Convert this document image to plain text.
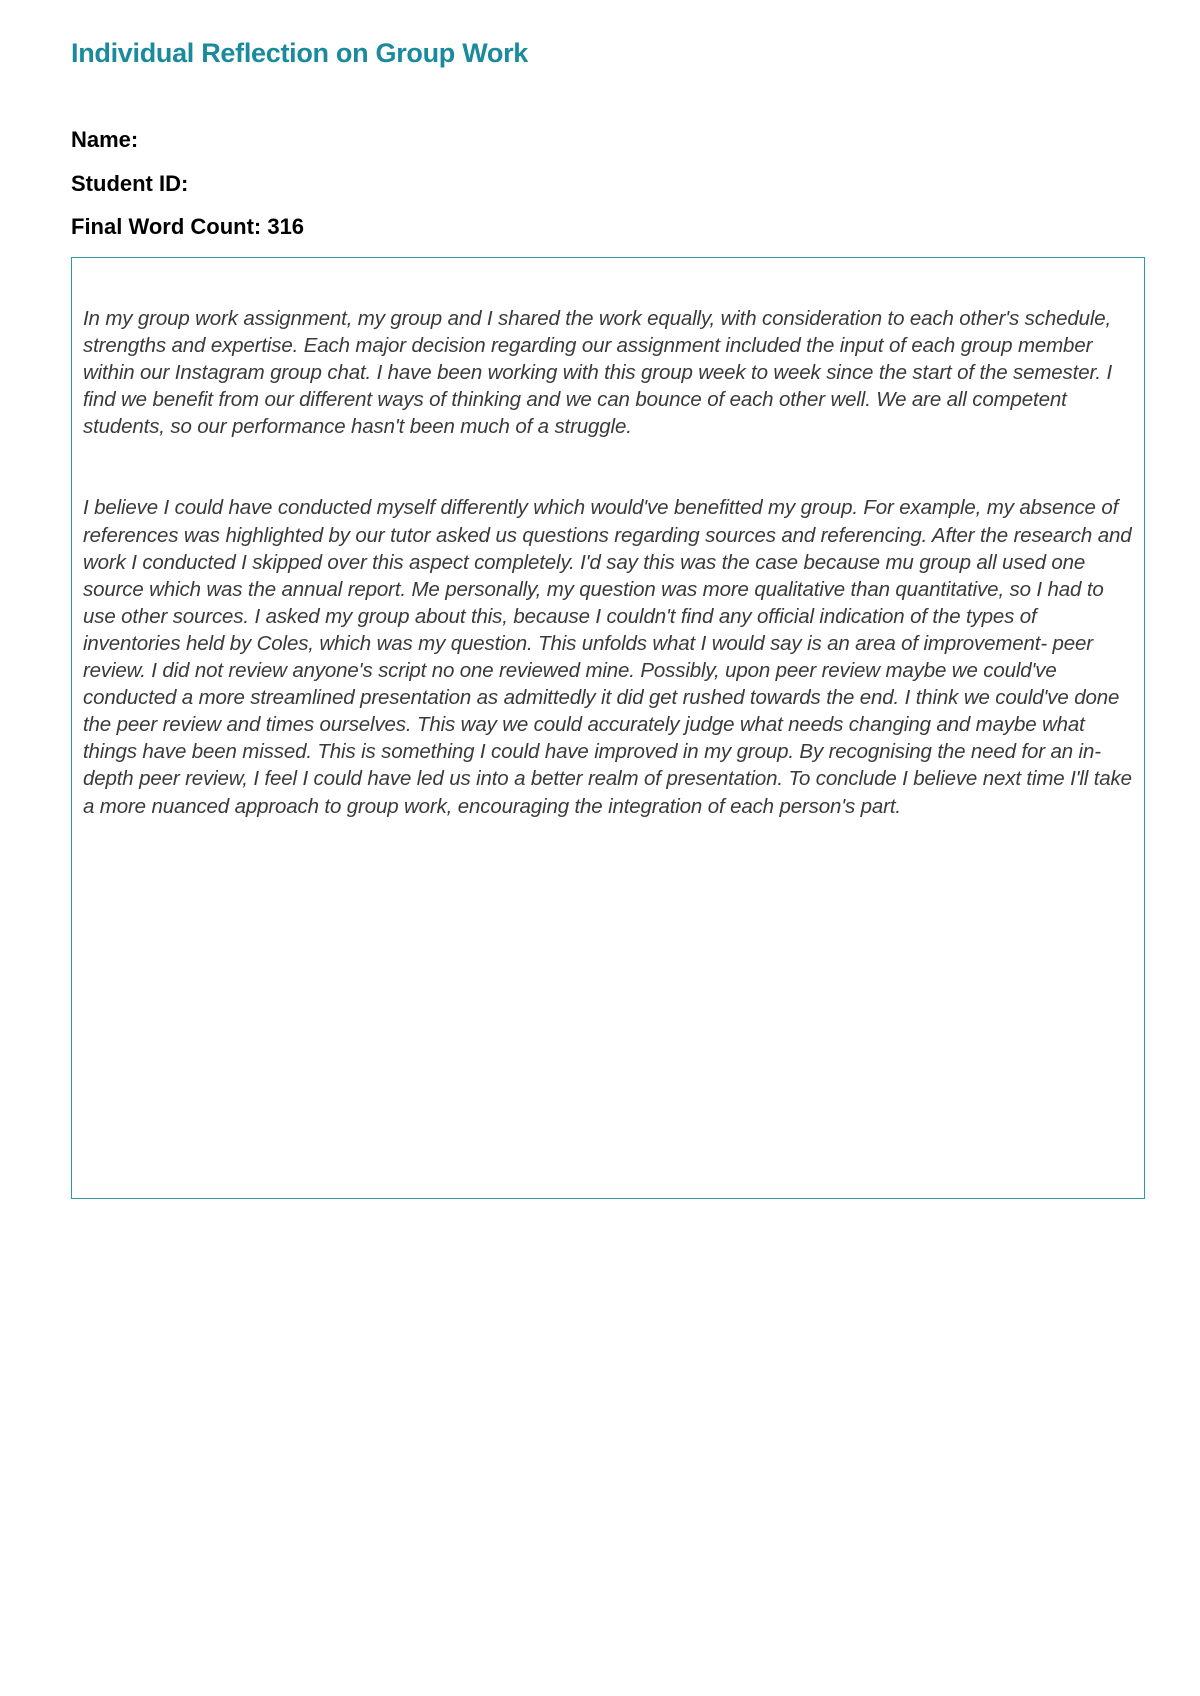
Individual Reflection on Group Work

Name:

Student ID:

Final Word Count: 316

In my group work assignment, my group and I shared the work equally, with consideration to each other's schedule, strengths and expertise. Each major decision regarding our assignment included the input of each group member within our Instagram group chat. I have been working with this group week to week since the start of the semester. I find we benefit from our different ways of thinking and we can bounce of each other well. We are all competent students, so our performance hasn't been much of a struggle.

I believe I could have conducted myself differently which would've benefitted my group. For example, my absence of references was highlighted by our tutor asked us questions regarding sources and referencing. After the research and work I conducted I skipped over this aspect completely. I'd say this was the case because mu group all used one source which was the annual report. Me personally, my question was more qualitative than quantitative, so I had to use other sources. I asked my group about this, because I couldn't find any official indication of the types of inventories held by Coles, which was my question. This unfolds what I would say is an area of improvement- peer review. I did not review anyone's script no one reviewed mine. Possibly, upon peer review maybe we could've conducted a more streamlined presentation as admittedly it did get rushed towards the end. I think we could've done the peer review and times ourselves. This way we could accurately judge what needs changing and maybe what things have been missed. This is something I could have improved in my group. By recognising the need for an in-depth peer review, I feel I could have led us into a better realm of presentation. To conclude I believe next time I'll take a more nuanced approach to group work, encouraging the integration of each person's part.
